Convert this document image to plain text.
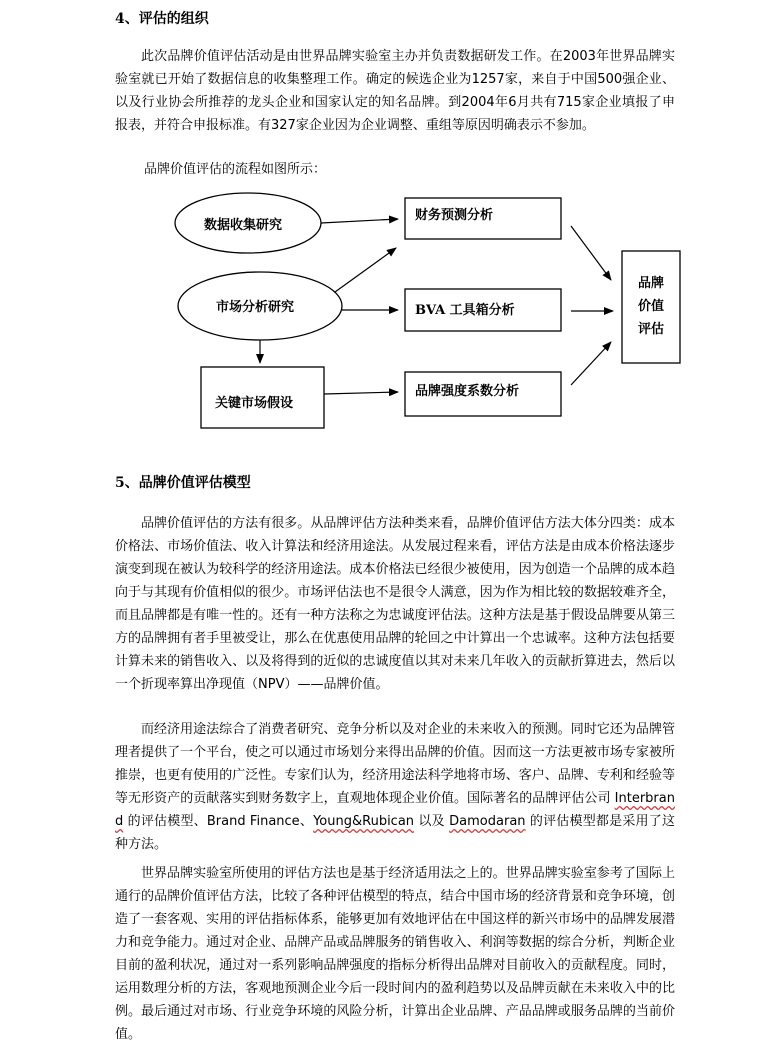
4、评估的组织

此次品牌价值评估活动是由世界品牌实验室主办并负责数据研发工作。在2003年世界品牌实验室就已开始了数据信息的收集整理工作。确定的候选企业为1257家，来自于中国500强企业、以及行业协会所推荐的龙头企业和国家认定的知名品牌。到2004年6月共有715家企业填报了申报表，并符合申报标准。有327家企业因为企业调整、重组等原因明确表示不参加。

品牌价值评估的流程如图所示：
数据收集研究
市场分析研究
关键市场假设
财务预测分析
BVA 工具箱分析
品牌强度系数分析
品牌
价值
评估
5、品牌价值评估模型

品牌价值评估的方法有很多。从品牌评估方法种类来看，品牌价值评估方法大体分四类：成本价格法、市场价值法、收入计算法和经济用途法。从发展过程来看，评估方法是由成本价格法逐步演变到现在被认为较科学的经济用途法。成本价格法已经很少被使用，因为创造一个品牌的成本趋向于与其现有价值相似的很少。市场评估法也不是很令人满意，因为作为相比较的数据较难齐全，而且品牌都是有唯一性的。还有一种方法称之为忠诚度评估法。这种方法是基于假设品牌要从第三方的品牌拥有者手里被受让，那么在优惠使用品牌的轮回之中计算出一个忠诚率。这种方法包括要计算未来的销售收入、以及将得到的近似的忠诚度值以其对未来几年收入的贡献折算进去，然后以一个折现率算出净现值（NPV）——品牌价值。

而经济用途法综合了消费者研究、竞争分析以及对企业的未来收入的预测。同时它还为品牌管理者提供了一个平台，使之可以通过市场划分来得出品牌的价值。因而这一方法更被市场专家被所推崇，也更有使用的广泛性。专家们认为，经济用途法科学地将市场、客户、品牌、专利和经验等等无形资产的贡献落实到财务数字上，直观地体现企业价值。国际著名的品牌评估公司 Interbrand 的评估模型、Brand Finance、Young&Rubican 以及 Damodaran 的评估模型都是采用了这种方法。

世界品牌实验室所使用的评估方法也是基于经济适用法之上的。世界品牌实验室参考了国际上通行的品牌价值评估方法，比较了各种评估模型的特点，结合中国市场的经济背景和竞争环境，创造了一套客观、实用的评估指标体系，能够更加有效地评估在中国这样的新兴市场中的品牌发展潜力和竞争能力。通过对企业、品牌产品或品牌服务的销售收入、利润等数据的综合分析，判断企业目前的盈利状况，通过对一系列影响品牌强度的指标分析得出品牌对目前收入的贡献程度。同时，运用数理分析的方法，客观地预测企业今后一段时间内的盈利趋势以及品牌贡献在未来收入中的比例。最后通过对市场、行业竞争环境的风险分析，计算出企业品牌、产品品牌或服务品牌的当前价值。
